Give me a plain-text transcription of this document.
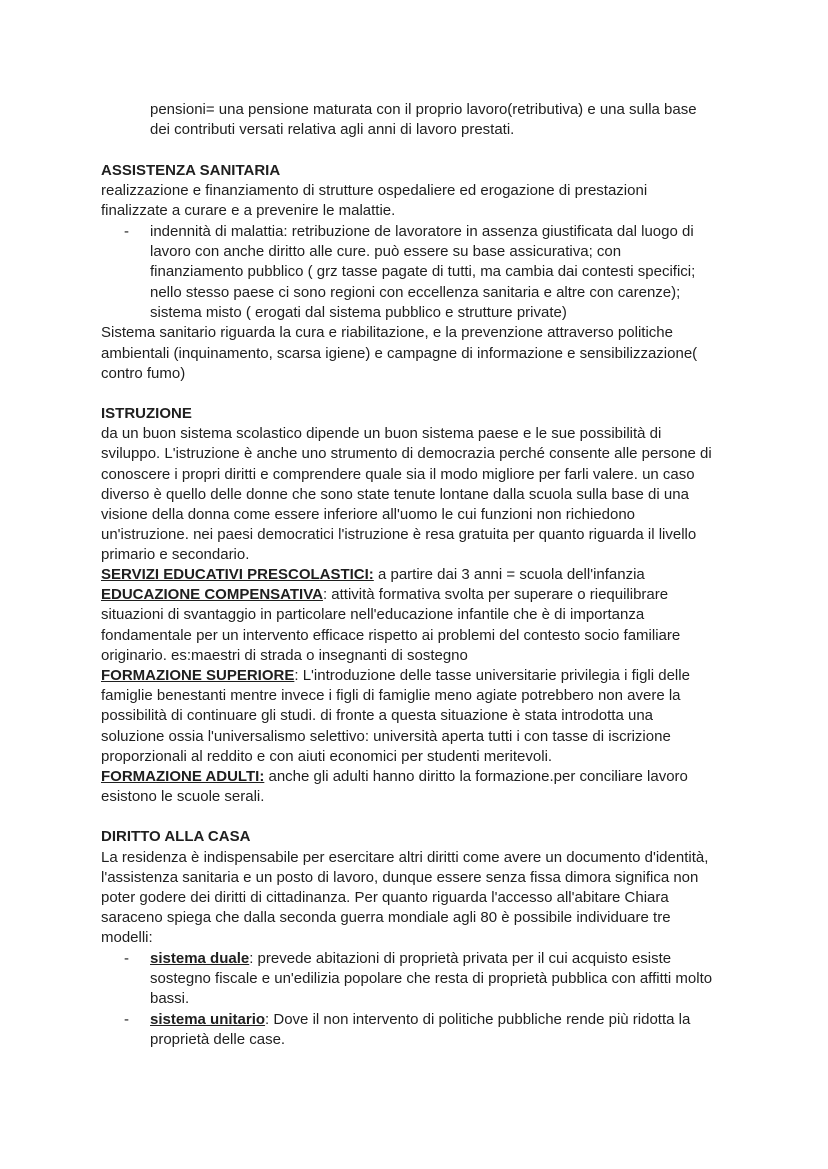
pensioni= una pensione maturata con il proprio lavoro(retributiva) e una sulla base
dei contributi versati relativa agli anni di lavoro prestati.
ASSISTENZA SANITARIA
realizzazione e finanziamento di strutture ospedaliere ed erogazione di prestazioni
finalizzate a curare e a prevenire le malattie.
- indennità di malattia: retribuzione de lavoratore in assenza giustificata dal luogo di
lavoro con anche diritto alle cure. può essere su base assicurativa; con
finanziamento pubblico ( grz tasse pagate di tutti, ma cambia dai contesti specifici;
nello stesso paese ci sono regioni con eccellenza sanitaria e altre con carenze);
sistema misto ( erogati dal sistema pubblico e strutture private)
Sistema sanitario riguarda la cura e riabilitazione, e la prevenzione attraverso politiche
ambientali (inquinamento, scarsa igiene) e campagne di informazione e sensibilizzazione(
contro fumo)
ISTRUZIONE
da un buon sistema scolastico dipende un buon sistema paese e le sue possibilità di
sviluppo. L'istruzione è anche uno strumento di democrazia perché consente alle persone di
conoscere i propri diritti e comprendere quale sia il modo migliore per farli valere. un caso
diverso è quello delle donne che sono state tenute lontane dalla scuola sulla base di una
visione della donna come essere inferiore all'uomo le cui funzioni non richiedono
un'istruzione. nei paesi democratici l'istruzione è resa gratuita per quanto riguarda il livello
primario e secondario.
SERVIZI EDUCATIVI PRESCOLASTICI: a partire dai 3 anni = scuola dell'infanzia
EDUCAZIONE COMPENSATIVA: attività formativa svolta per superare o riequilibrare
situazioni di svantaggio in particolare nell'educazione infantile che è di importanza
fondamentale per un intervento efficace rispetto ai problemi del contesto socio familiare
originario. es:maestri di strada o insegnanti di sostegno
FORMAZIONE SUPERIORE: L'introduzione delle tasse universitarie privilegia i figli delle
famiglie benestanti mentre invece i figli di famiglie meno agiate potrebbero non avere la
possibilità di continuare gli studi. di fronte a questa situazione è stata introdotta una
soluzione ossia l'universalismo selettivo: università aperta tutti i con tasse di iscrizione
proporzionali al reddito e con aiuti economici per studenti meritevoli.
FORMAZIONE ADULTI: anche gli adulti hanno diritto la formazione.per conciliare lavoro
esistono le scuole serali.
DIRITTO ALLA CASA
La residenza è indispensabile per esercitare altri diritti come avere un documento d'identità,
l'assistenza sanitaria e un posto di lavoro, dunque essere senza fissa dimora significa non
poter godere dei diritti di cittadinanza. Per quanto riguarda l'accesso all'abitare Chiara
saraceno spiega che dalla seconda guerra mondiale agli 80 è possibile individuare tre
modelli:
- sistema duale: prevede abitazioni di proprietà privata per il cui acquisto esiste
sostegno fiscale e un'edilizia popolare che resta di proprietà pubblica con affitti molto
bassi.
- sistema unitario: Dove il non intervento di politiche pubbliche rende più ridotta la
proprietà delle case.
